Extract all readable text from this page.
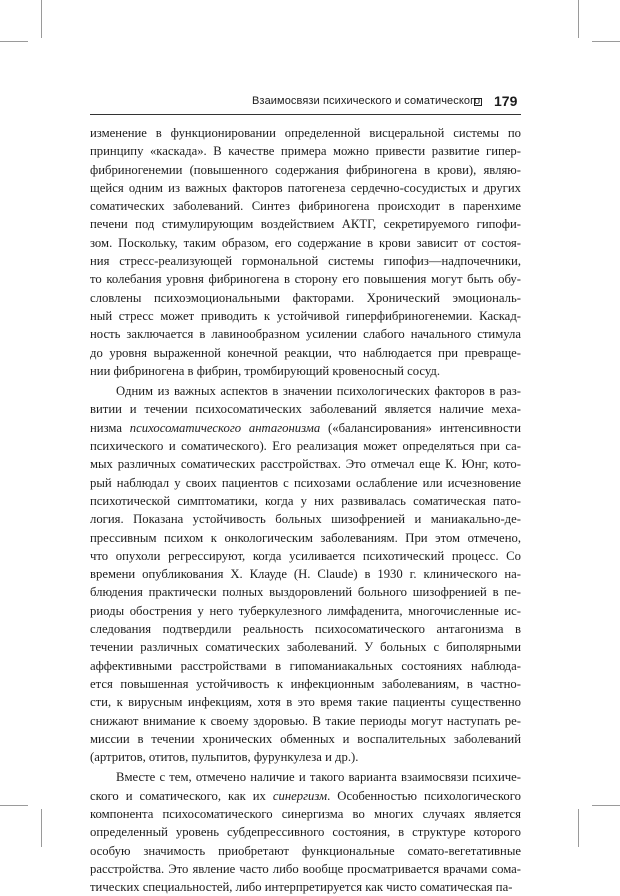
Взаимосвязи психического и соматического 179
изменение в функционировании определенной висцеральной системы по
принципу «каскада». В качестве примера можно привести развитие гипер-
фибриногенемии (повышенного содержания фибриногена в крови), являю-
щейся одним из важных факторов патогенеза сердечно-сосудистых и других
соматических заболеваний. Синтез фибриногена происходит в паренхиме
печени под стимулирующим воздействием АКТГ, секретируемого гипофи-
зом. Поскольку, таким образом, его содержание в крови зависит от состоя-
ния стресс-реализующей гормональной системы гипофиз—надпочечники,
то колебания уровня фибриногена в сторону его повышения могут быть обу-
словлены психоэмоциональными факторами. Хронический эмоциональ-
ный стресс может приводить к устойчивой гиперфибриногенемии. Каскад-
ность заключается в лавинообразном усилении слабого начального стимула
до уровня выраженной конечной реакции, что наблюдается при превраще-
нии фибриногена в фибрин, тромбирующий кровеносный сосуд.
Одним из важных аспектов в значении психологических факторов в раз-
витии и течении психосоматических заболеваний является наличие меха-
низма психосоматического антагонизма («балансирования» интенсивности
психического и соматического). Его реализация может определяться при са-
мых различных соматических расстройствах. Это отмечал еще К. Юнг, кото-
рый наблюдал у своих пациентов с психозами ослабление или исчезновение
психотической симптоматики, когда у них развивалась соматическая пато-
логия. Показана устойчивость больных шизофренией и маниакально-де-
прессивным психом к онкологическим заболеваниям. При этом отмечено,
что опухоли регрессируют, когда усиливается психотический процесс. Со
времени опубликования Х. Клауде (H. Claude) в 1930 г. клинического на-
блюдения практически полных выздоровлений больного шизофренией в пе-
риоды обострения у него туберкулезного лимфаденита, многочисленные ис-
следования подтвердили реальность психосоматического антагонизма в
течении различных соматических заболеваний. У больных с биполярными
аффективными расстройствами в гипоманиакальных состояниях наблюда-
ется повышенная устойчивость к инфекционным заболеваниям, в частно-
сти, к вирусным инфекциям, хотя в это время такие пациенты существенно
снижают внимание к своему здоровью. В такие периоды могут наступать ре-
миссии в течении хронических обменных и воспалительных заболеваний
(артритов, отитов, пульпитов, фурункулеза и др.).
Вместе с тем, отмечено наличие и такого варианта взаимосвязи психиче-
ского и соматического, как их синергизм. Особенностью психологического
компонента психосоматического синергизма во многих случаях является
определенный уровень субдепрессивного состояния, в структуре которого
особую значимость приобретают функциональные сомато-вегетативные
расстройства. Это явление часто либо вообще просматривается врачами сома-
тических специальностей, либо интерпретируется как чисто соматическая па-
